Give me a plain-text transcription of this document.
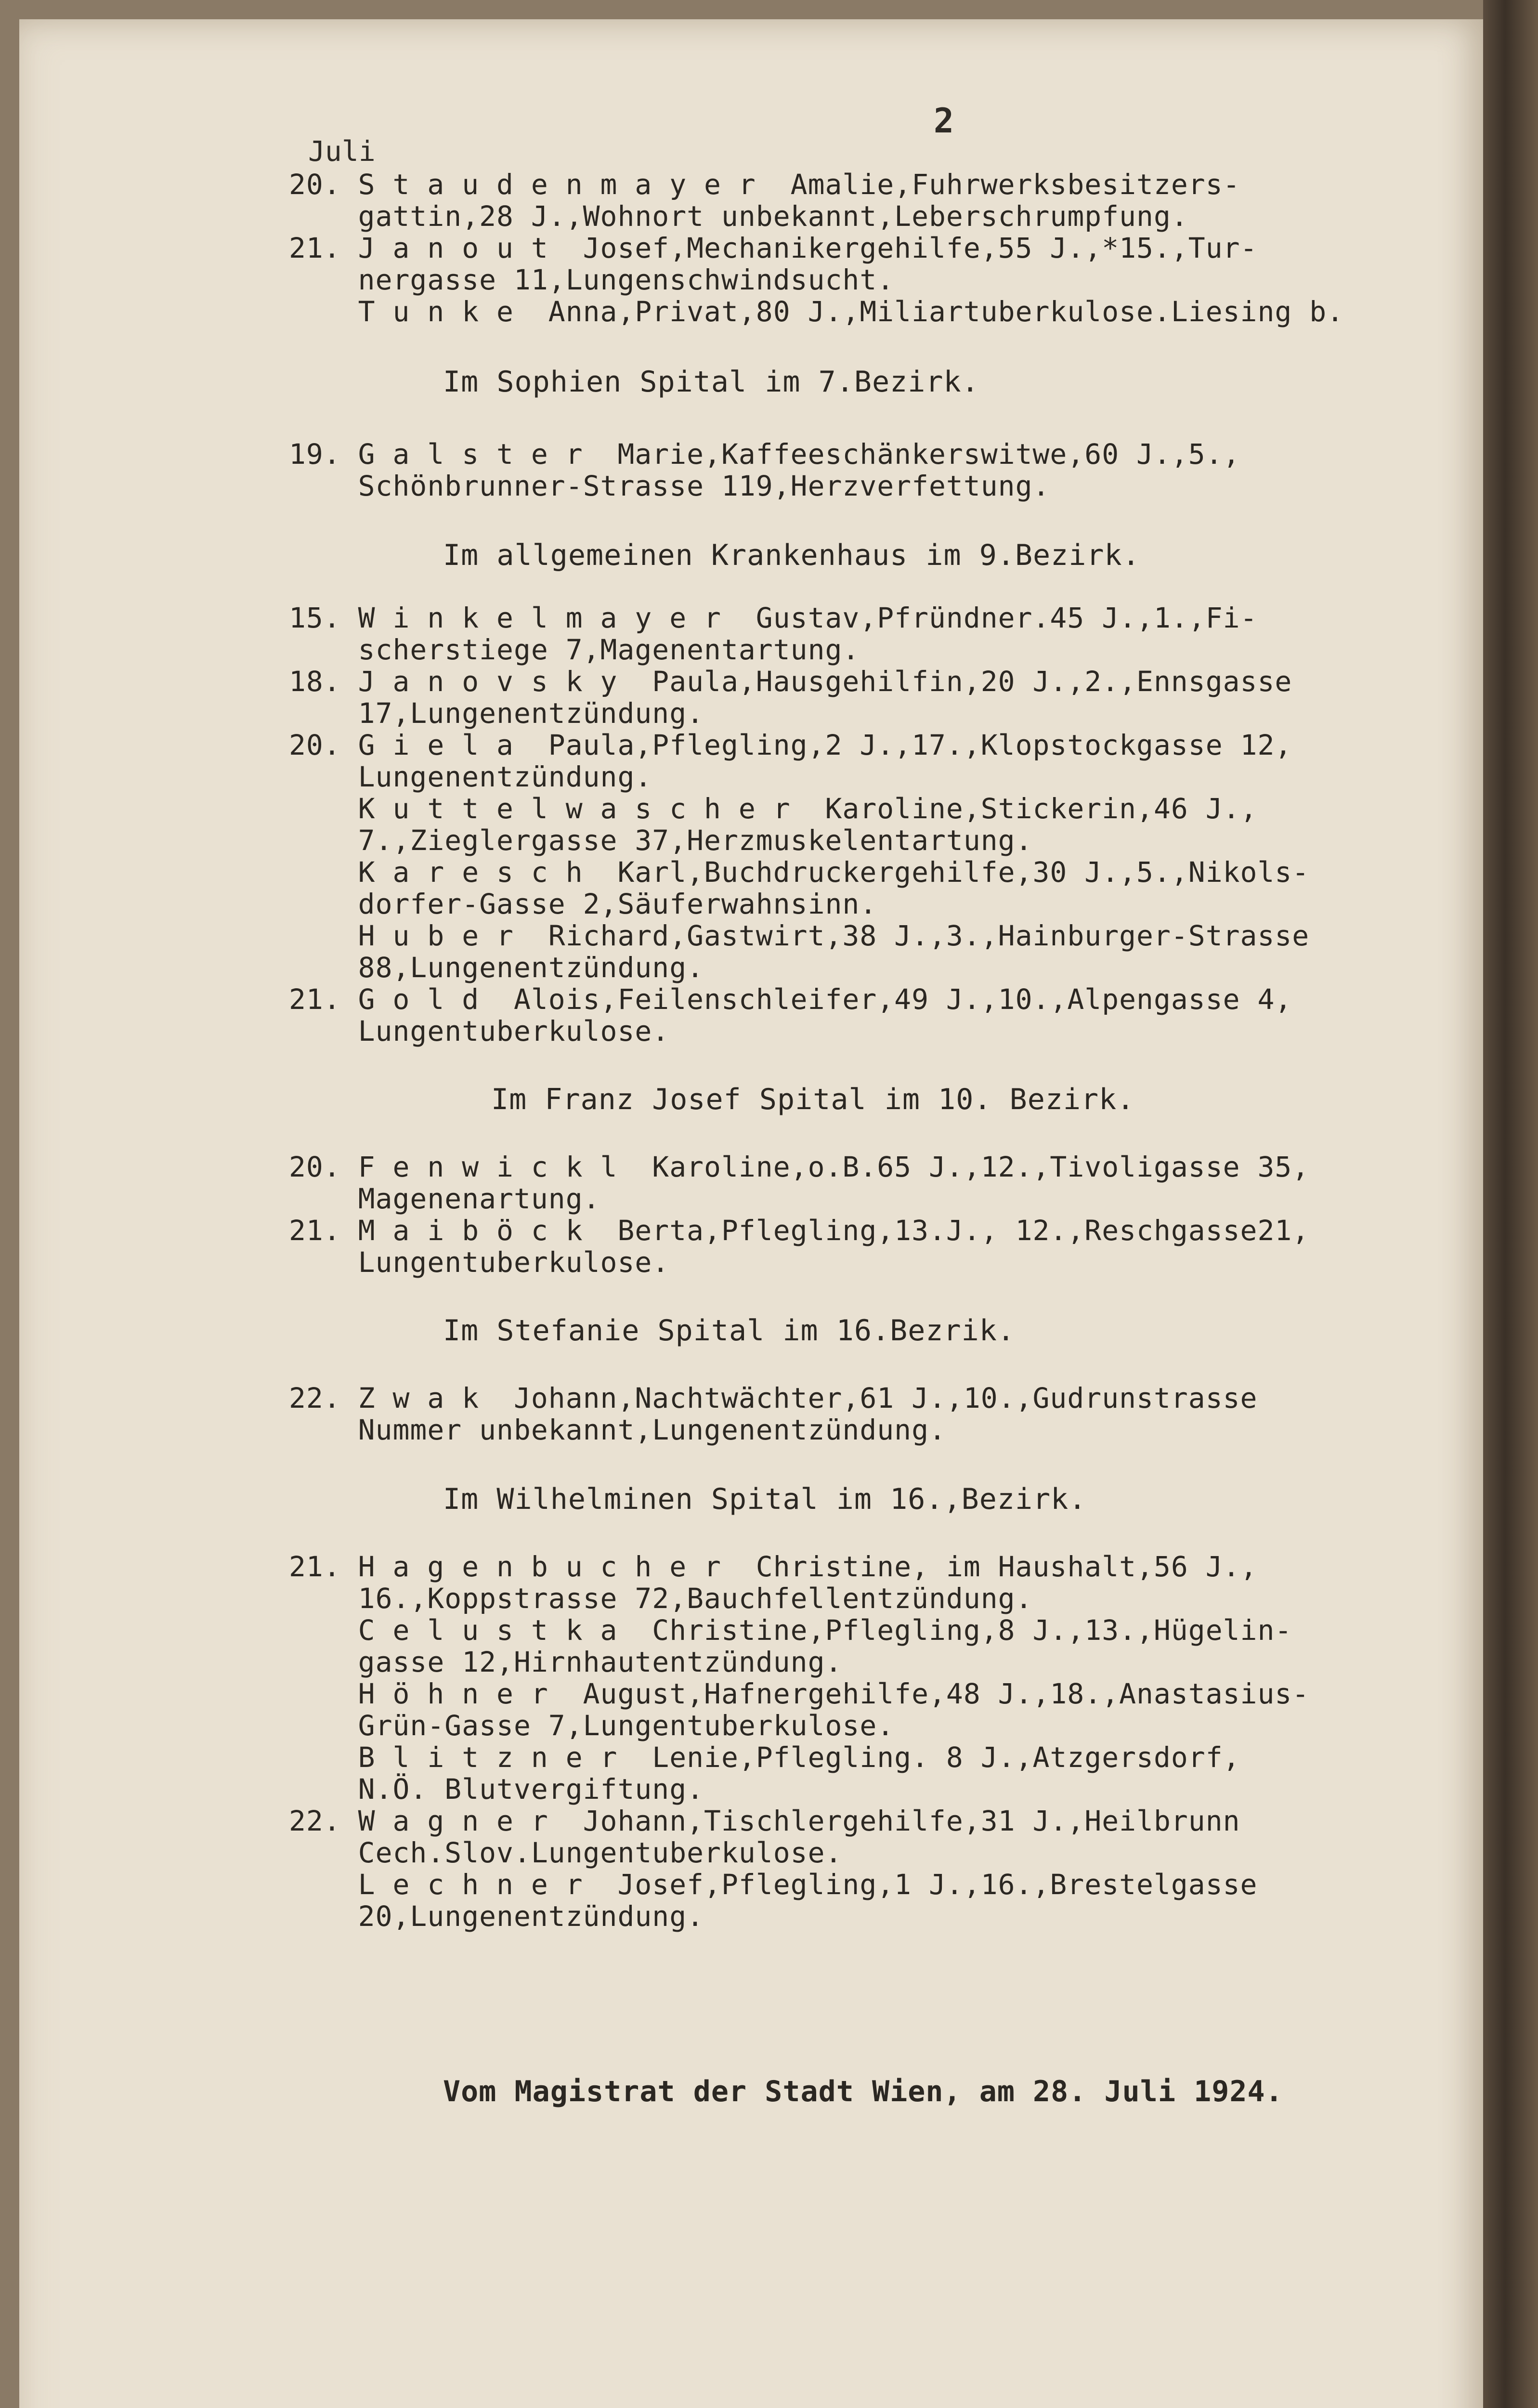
2
Juli
20. S t a u d e n m a y e r  Amalie,Fuhrwerksbesitzers-
gattin,28 J.,Wohnort unbekannt,Leberschrumpfung.
21. J a n o u t  Josef,Mechanikergehilfe,55 J.,*15.,Tur-
nergasse 11,Lungenschwindsucht.
T u n k e  Anna,Privat,80 J.,Miliartuberkulose.Liesing b.
Im Sophien Spital im 7.Bezirk.
19. G a l s t e r  Marie,Kaffeeschänkerswitwe,60 J.,5.,
Schönbrunner-Strasse 119,Herzverfettung.
Im allgemeinen Krankenhaus im 9.Bezirk.
15. W i n k e l m a y e r  Gustav,Pfründner.45 J.,1.,Fi-
scherstiege 7,Magenentartung.
18. J a n o v s k y  Paula,Hausgehilfin,20 J.,2.,Ennsgasse
17,Lungenentzündung.
20. G i e l a  Paula,Pflegling,2 J.,17.,Klopstockgasse 12,
Lungenentzündung.
K u t t e l w a s c h e r  Karoline,Stickerin,46 J.,
7.,Zieglergasse 37,Herzmuskelentartung.
K a r e s c h  Karl,Buchdruckergehilfe,30 J.,5.,Nikols-
dorfer-Gasse 2,Säuferwahnsinn.
H u b e r  Richard,Gastwirt,38 J.,3.,Hainburger-Strasse
88,Lungenentzündung.
21. G o l d  Alois,Feilenschleifer,49 J.,10.,Alpengasse 4,
Lungentuberkulose.
Im Franz Josef Spital im 10. Bezirk.
20. F e n w i c k l  Karoline,o.B.65 J.,12.,Tivoligasse 35,
Magenenartung.
21. M a i b ö c k  Berta,Pflegling,13.J., 12.,Reschgasse21,
Lungentuberkulose.
Im Stefanie Spital im 16.Bezrik.
22. Z w a k  Johann,Nachtwächter,61 J.,10.,Gudrunstrasse
Nummer unbekannt,Lungenentzündung.
Im Wilhelminen Spital im 16.,Bezirk.
21. H a g e n b u c h e r  Christine, im Haushalt,56 J.,
16.,Koppstrasse 72,Bauchfellentzündung.
C e l u s t k a  Christine,Pflegling,8 J.,13.,Hügelin-
gasse 12,Hirnhautentzündung.
H ö h n e r  August,Hafnergehilfe,48 J.,18.,Anastasius-
Grün-Gasse 7,Lungentuberkulose.
B l i t z n e r  Lenie,Pflegling. 8 J.,Atzgersdorf,
N.Ö. Blutvergiftung.
22. W a g n e r  Johann,Tischlergehilfe,31 J.,Heilbrunn
Cech.Slov.Lungentuberkulose.
L e c h n e r  Josef,Pflegling,1 J.,16.,Brestelgasse
20,Lungenentzündung.
Vom Magistrat der Stadt Wien, am 28. Juli 1924.
